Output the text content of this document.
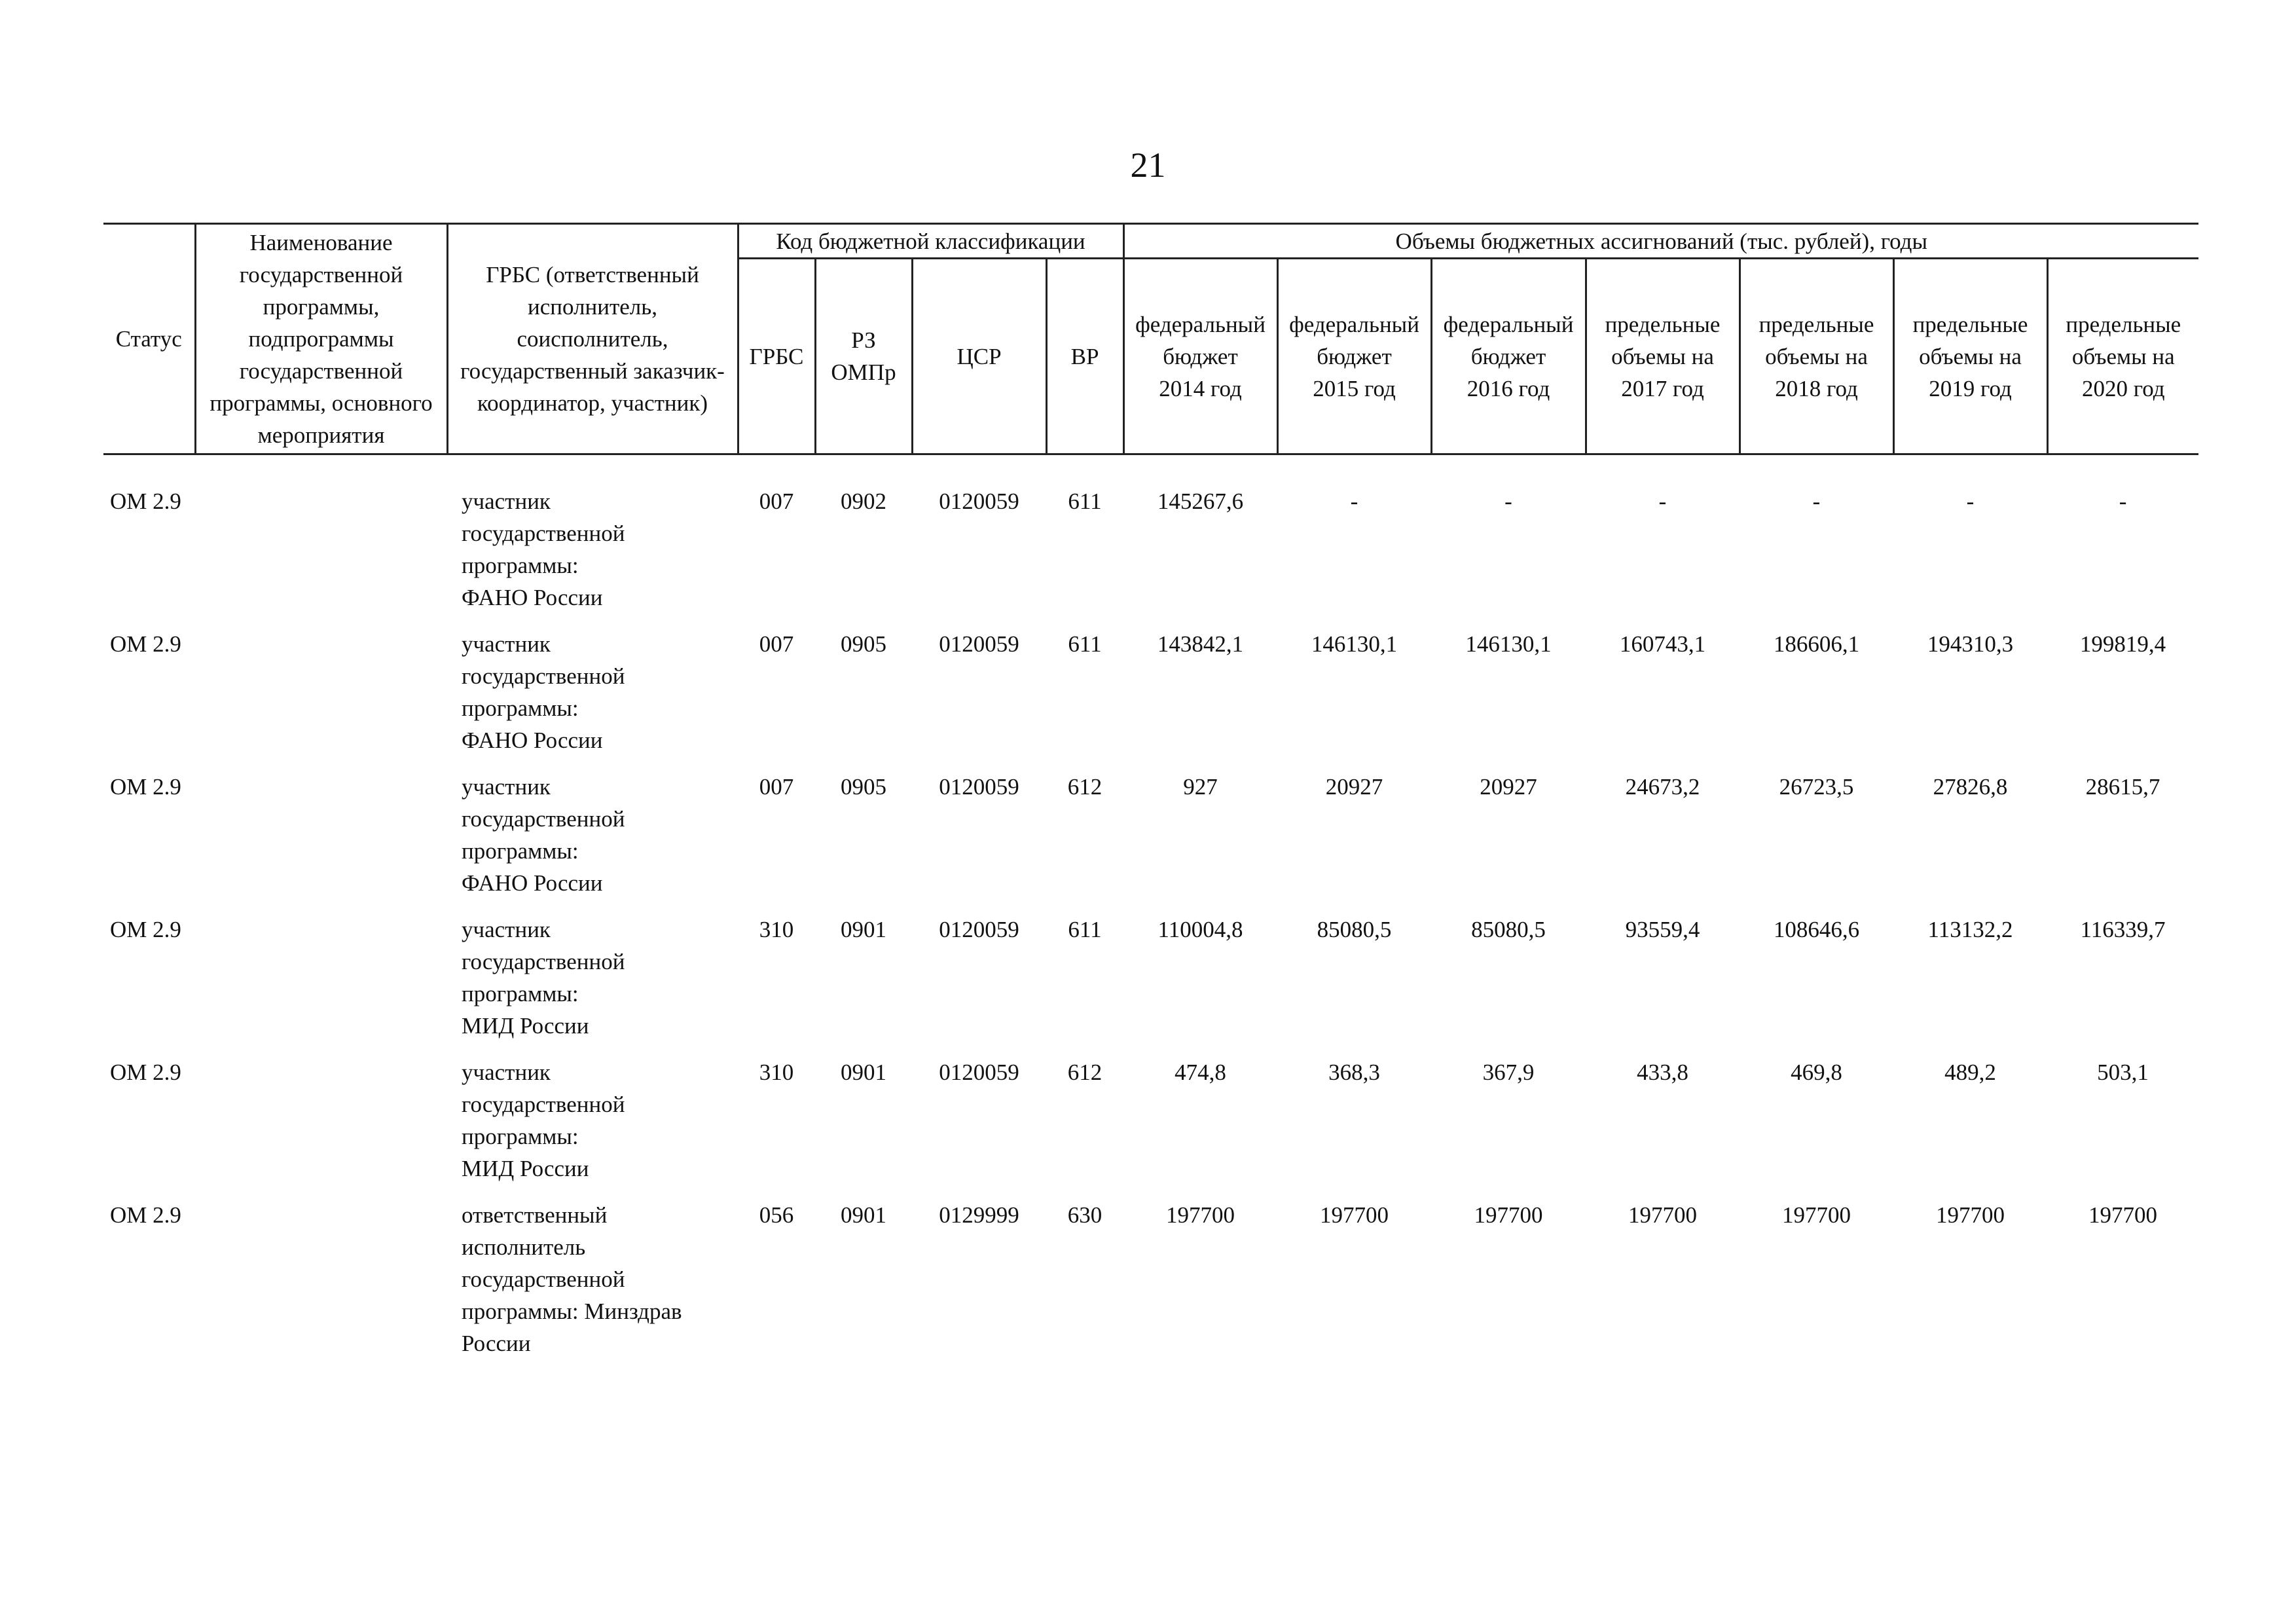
21
Статус	Наименование государственной программы, подпрограммы государственной программы, основного мероприятия	ГРБС (ответственный исполнитель, соисполнитель, государственный заказчик-координатор, участник)	Код бюджетной классификации				Объемы бюджетных ассигнований (тыс. рублей), годы						
			ГРБС	РЗ
ОМПр	ЦСР	ВР	федеральный
бюджет
2014 год	федеральный
бюджет
2015 год	федеральный
бюджет
2016 год	предельные
объемы на
2017 год	предельные
объемы на
2018 год	предельные
объемы на
2019 год	предельные
объемы на
2020 год
ОМ 2.9		участник
государственной
программы:
ФАНО России	007	0902	0120059	611	145267,6	-	-	-	-	-	-
ОМ 2.9		участник
государственной
программы:
ФАНО России	007	0905	0120059	611	143842,1	146130,1	146130,1	160743,1	186606,1	194310,3	199819,4
ОМ 2.9		участник
государственной
программы:
ФАНО России	007	0905	0120059	612	927	20927	20927	24673,2	26723,5	27826,8	28615,7
ОМ 2.9		участник
государственной
программы:
МИД России	310	0901	0120059	611	110004,8	85080,5	85080,5	93559,4	108646,6	113132,2	116339,7
ОМ 2.9		участник
государственной
программы:
МИД России	310	0901	0120059	612	474,8	368,3	367,9	433,8	469,8	489,2	503,1
ОМ 2.9		ответственный
исполнитель
государственной
программы: Минздрав
России	056	0901	0129999	630	197700	197700	197700	197700	197700	197700	197700
